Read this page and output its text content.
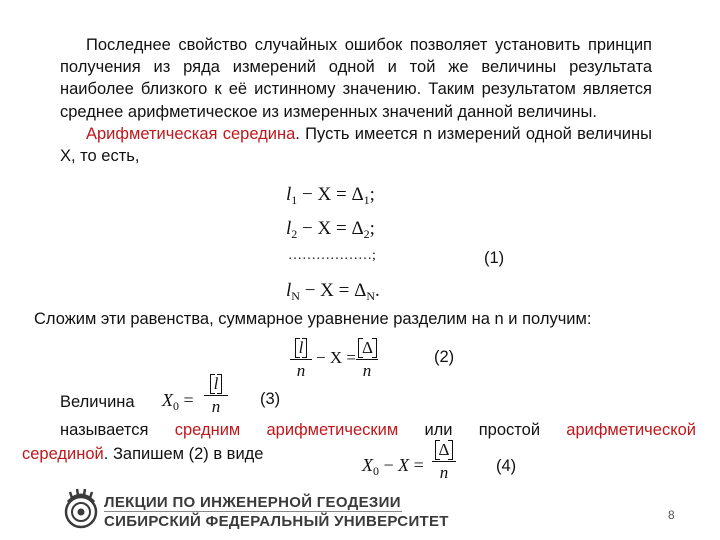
Последнее свойство случайных ошибок позволяет установить принцип получения из ряда измерений одной и той же величины результата наиболее близкого к её истинному значению. Таким результатом является среднее арифметическое из измеренных значений данной величины.

Арифметическая середина. Пусть имеется n измерений одной величины X, то есть,

$l_1 - X = \Delta_1$;
$l_2 - X = \Delta_2$;
………………;	(1)
$l_N - X = \Delta_N$.
Сложим эти равенства, суммарное уравнение разделим на n и получим:
$\frac{l}{n} - X = \frac{\Delta}{n}$	(2)
Величина $X_0 = \frac{l}{n} (3)$
называется средним арифметическим или простой арифметической
серединой. Запишем (2) в виде
$X_0 - X = \frac{\Delta}{n} (4)$
ЛЕКЦИИ ПО ИНЖЕНЕРНОЙ ГЕОДЕЗИИ
СИБИРСКИЙ ФЕДЕРАЛЬНЫЙ УНИВЕРСИТЕТ	8
